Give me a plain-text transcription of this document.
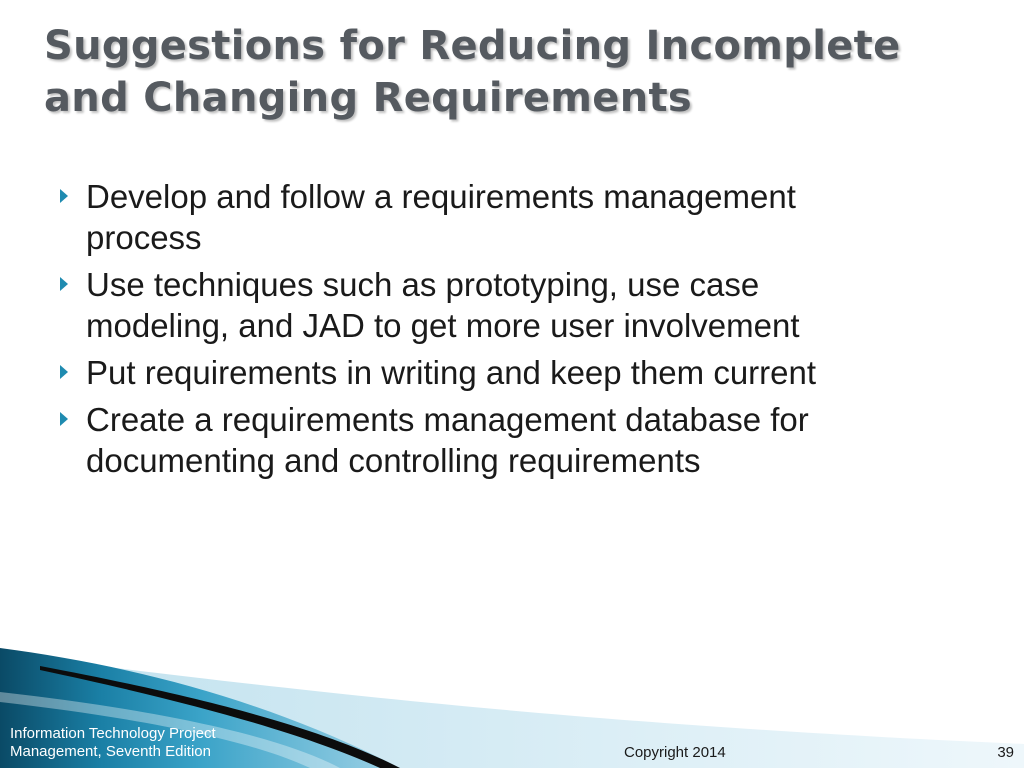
Suggestions for Reducing Incomplete
and Changing Requirements
Develop and follow a requirements management
process
Use techniques such as prototyping, use case
modeling, and JAD to get more user involvement
Put requirements in writing and keep them current
Create a requirements management database for
documenting and controlling requirements
Information Technology Project
Management, Seventh Edition	Copyright 2014	39
